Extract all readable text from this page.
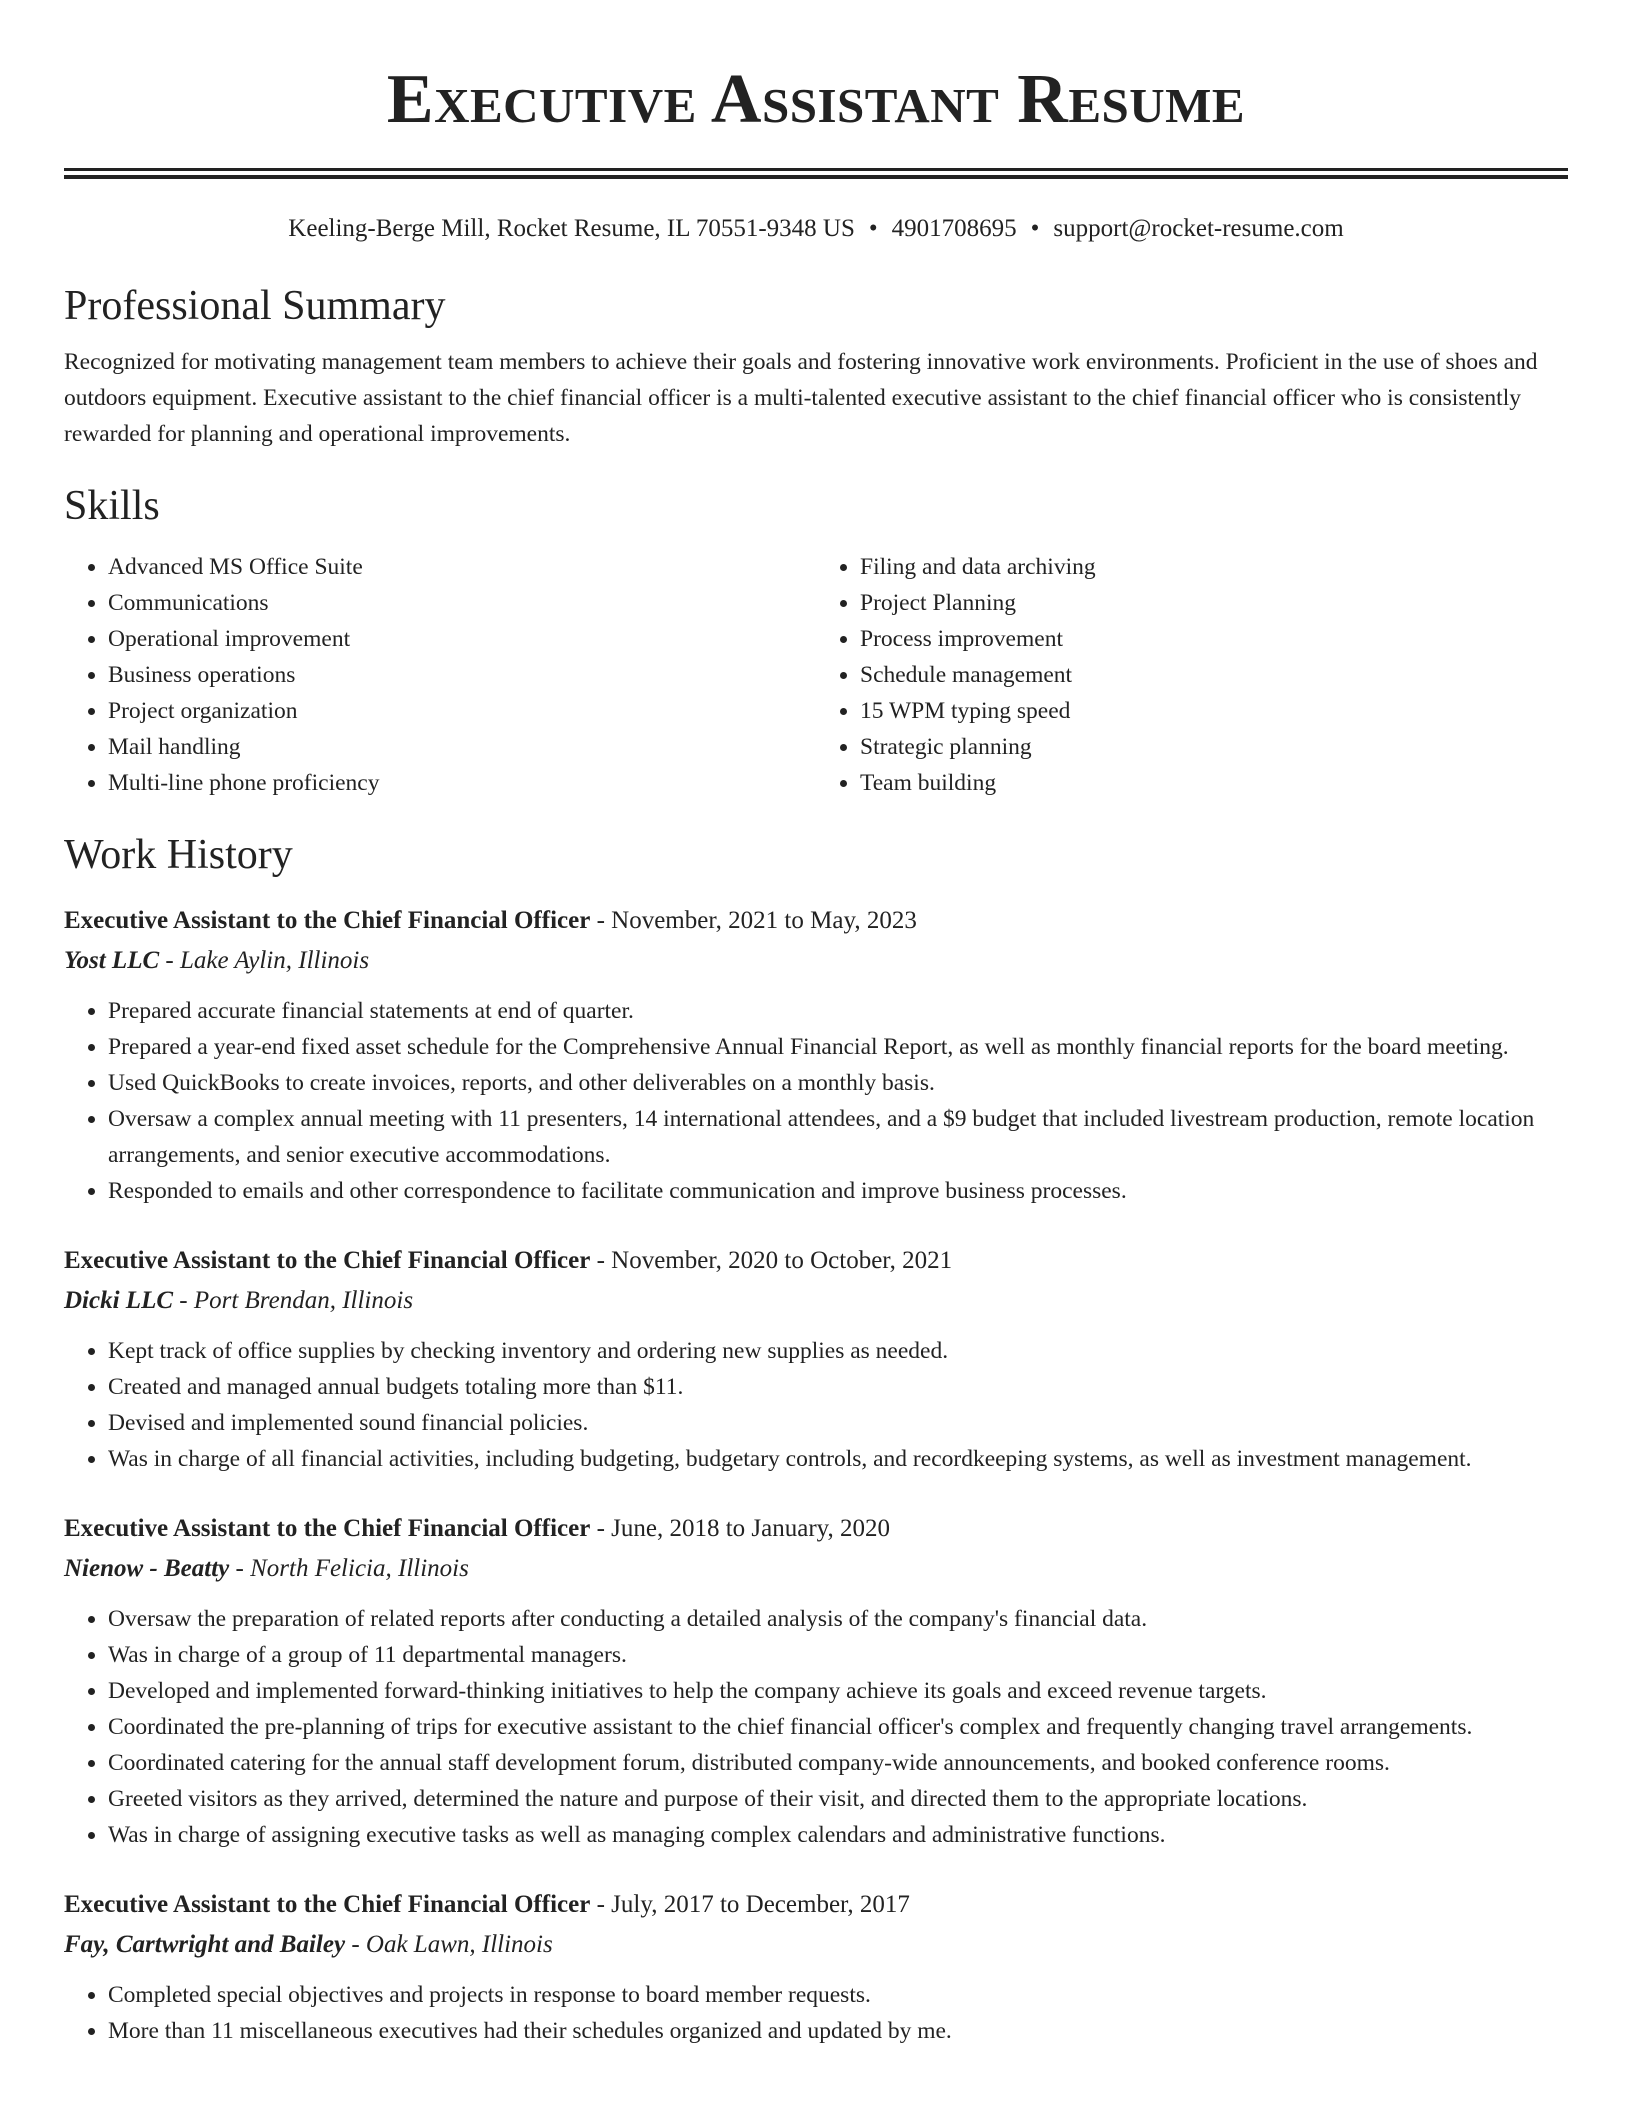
Executive Assistant Resume
Keeling-Berge Mill, Rocket Resume, IL 70551-9348 US • 4901708695 • support@rocket-resume.com
Professional Summary

Recognized for motivating management team members to achieve their goals and fostering innovative work environments. Proficient in the use of shoes and outdoors equipment. Executive assistant to the chief financial officer is a multi-talented executive assistant to the chief financial officer who is consistently rewarded for planning and operational improvements.

Skills
• Advanced MS Office Suite
• Communications
• Operational improvement
• Business operations
• Project organization
• Mail handling
• Multi-line phone proficiency
• Filing and data archiving
• Project Planning
• Process improvement
• Schedule management
• 15 WPM typing speed
• Strategic planning
• Team building
Work History
Executive Assistant to the Chief Financial Officer - November, 2021 to May, 2023
Yost LLC - Lake Aylin, Illinois
• Prepared accurate financial statements at end of quarter.
• Prepared a year-end fixed asset schedule for the Comprehensive Annual Financial Report, as well as monthly financial reports for the board meeting.
• Used QuickBooks to create invoices, reports, and other deliverables on a monthly basis.
• Oversaw a complex annual meeting with 11 presenters, 14 international attendees, and a $9 budget that included livestream production, remote location arrangements, and senior executive accommodations.
• Responded to emails and other correspondence to facilitate communication and improve business processes.
Executive Assistant to the Chief Financial Officer - November, 2020 to October, 2021
Dicki LLC - Port Brendan, Illinois
• Kept track of office supplies by checking inventory and ordering new supplies as needed.
• Created and managed annual budgets totaling more than $11.
• Devised and implemented sound financial policies.
• Was in charge of all financial activities, including budgeting, budgetary controls, and recordkeeping systems, as well as investment management.
Executive Assistant to the Chief Financial Officer - June, 2018 to January, 2020
Nienow - Beatty - North Felicia, Illinois
• Oversaw the preparation of related reports after conducting a detailed analysis of the company's financial data.
• Was in charge of a group of 11 departmental managers.
• Developed and implemented forward-thinking initiatives to help the company achieve its goals and exceed revenue targets.
• Coordinated the pre-planning of trips for executive assistant to the chief financial officer's complex and frequently changing travel arrangements.
• Coordinated catering for the annual staff development forum, distributed company-wide announcements, and booked conference rooms.
• Greeted visitors as they arrived, determined the nature and purpose of their visit, and directed them to the appropriate locations.
• Was in charge of assigning executive tasks as well as managing complex calendars and administrative functions.
Executive Assistant to the Chief Financial Officer - July, 2017 to December, 2017
Fay, Cartwright and Bailey - Oak Lawn, Illinois
• Completed special objectives and projects in response to board member requests.
• More than 11 miscellaneous executives had their schedules organized and updated by me.
